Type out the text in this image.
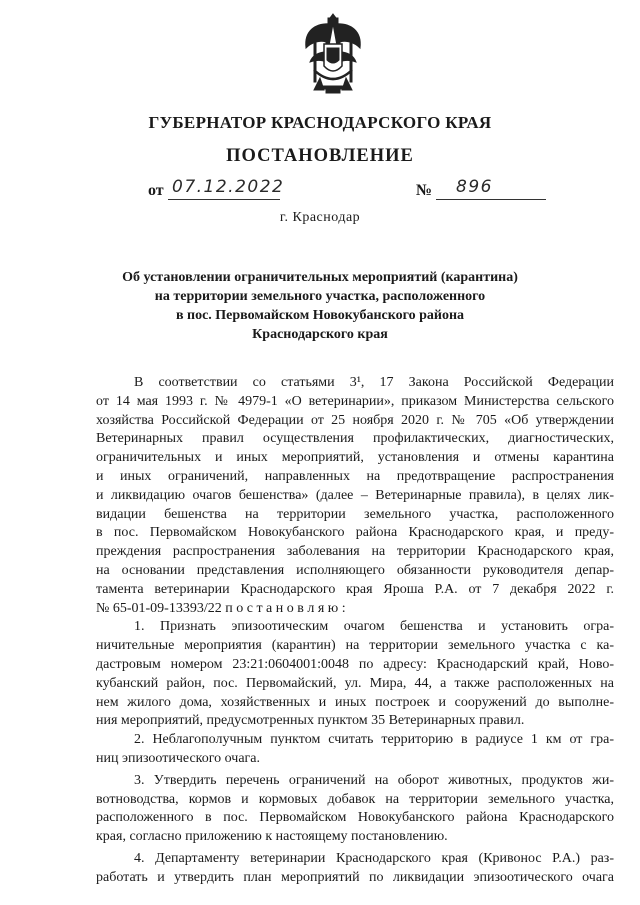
ГУБЕРНАТОР КРАСНОДАРСКОГО КРАЯ
ПОСТАНОВЛЕНИЕ
от 07.12.2022	№ 896
г. Краснодар
Об установлении ограничительных мероприятий (карантина)
на территории земельного участка, расположенного
в пос. Первомайском Новокубанского района
Краснодарского края
В соответствии со статьями 3¹, 17 Закона Российской Федерации
от 14 мая 1993 г. № 4979-1 «О ветеринарии», приказом Министерства сельского
хозяйства Российской Федерации от 25 ноября 2020 г. № 705 «Об утверждении
Ветеринарных правил осуществления профилактических, диагностических,
ограничительных и иных мероприятий, установления и отмены карантина
и иных ограничений, направленных на предотвращение распространения
и ликвидацию очагов бешенства» (далее – Ветеринарные правила), в целях лик-
видации бешенства на территории земельного участка, расположенного
в пос. Первомайском Новокубанского района Краснодарского края, и преду-
преждения распространения заболевания на территории Краснодарского края,
на основании представления исполняющего обязанности руководителя депар-
тамента ветеринарии Краснодарского края Яроша Р.А. от 7 декабря 2022 г.
№ 65-01-09-13393/22 п о с т а н о в л я ю :
1. Признать эпизоотическим очагом бешенства и установить огра-
ничительные мероприятия (карантин) на территории земельного участка с ка-
дастровым номером 23:21:0604001:0048 по адресу: Краснодарский край, Ново-
кубанский район, пос. Первомайский, ул. Мира, 44, а также расположенных на
нем жилого дома, хозяйственных и иных построек и сооружений до выполне-
ния мероприятий, предусмотренных пунктом 35 Ветеринарных правил.
2. Неблагополучным пунктом считать территорию в радиусе 1 км от гра-
ниц эпизоотического очага.
3. Утвердить перечень ограничений на оборот животных, продуктов жи-
вотноводства, кормов и кормовых добавок на территории земельного участка,
расположенного в пос. Первомайском Новокубанского района Краснодарского
края, согласно приложению к настоящему постановлению.
4. Департаменту ветеринарии Краснодарского края (Кривонос Р.А.) раз-
работать и утвердить план мероприятий по ликвидации эпизоотического очага
